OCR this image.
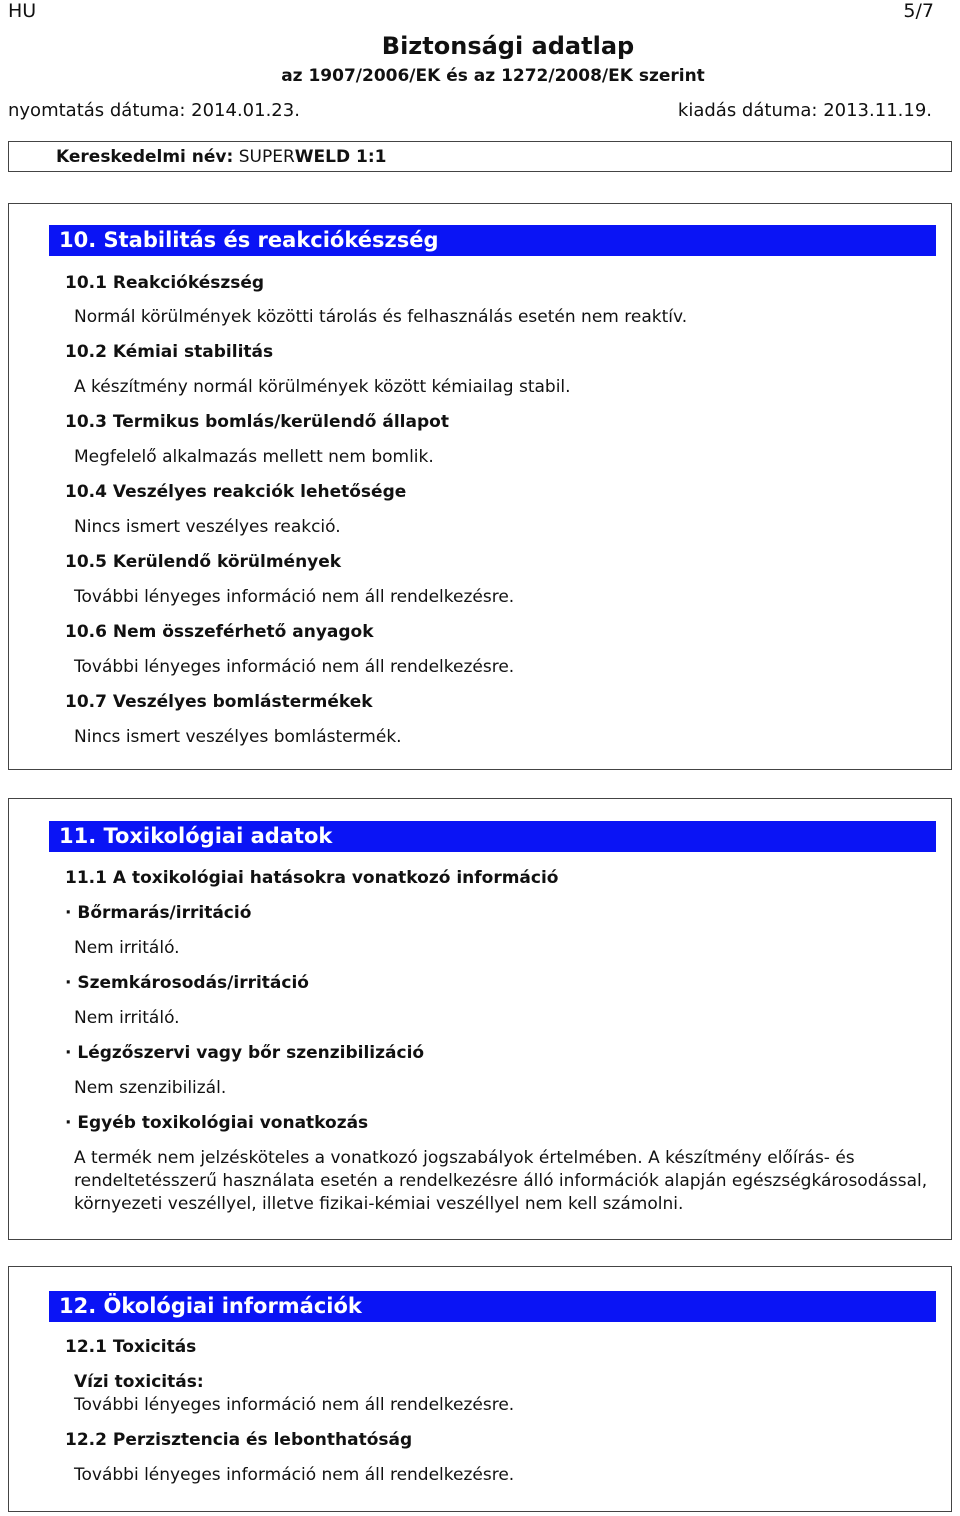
HU	5/7
Biztonsági adatlap
az 1907/2006/EK és az 1272/2008/EK szerint
nyomtatás dátuma: 2014.01.23.	kiadás dátuma: 2013.11.19.
Kereskedelmi név: SUPERWELD 1:1
10. Stabilitás és reakciókészség
10.1 Reakciókészség
Normál körülmények közötti tárolás és felhasználás esetén nem reaktív.
10.2 Kémiai stabilitás
A készítmény normál körülmények között kémiailag stabil.
10.3 Termikus bomlás/kerülendő állapot
Megfelelő alkalmazás mellett nem bomlik.
10.4 Veszélyes reakciók lehetősége
Nincs ismert veszélyes reakció.
10.5 Kerülendő körülmények
További lényeges információ nem áll rendelkezésre.
10.6 Nem összeférhető anyagok
További lényeges információ nem áll rendelkezésre.
10.7 Veszélyes bomlástermékek
Nincs ismert veszélyes bomlástermék.
11. Toxikológiai adatok
11.1 A toxikológiai hatásokra vonatkozó információ
· Bőrmarás/irritáció
Nem irritáló.
· Szemkárosodás/irritáció
Nem irritáló.
· Légzőszervi vagy bőr szenzibilizáció
Nem szenzibilizál.
· Egyéb toxikológiai vonatkozás
A termék nem jelzésköteles a vonatkozó jogszabályok értelmében. A készítmény előírás- és rendeltetésszerű használata esetén a rendelkezésre álló információk alapján egészségkárosodással, környezeti veszéllyel, illetve fizikai-kémiai veszéllyel nem kell számolni.
12. Ökológiai információk
12.1 Toxicitás
Vízi toxicitás:
További lényeges információ nem áll rendelkezésre.
12.2 Perzisztencia és lebonthatóság
További lényeges információ nem áll rendelkezésre.
